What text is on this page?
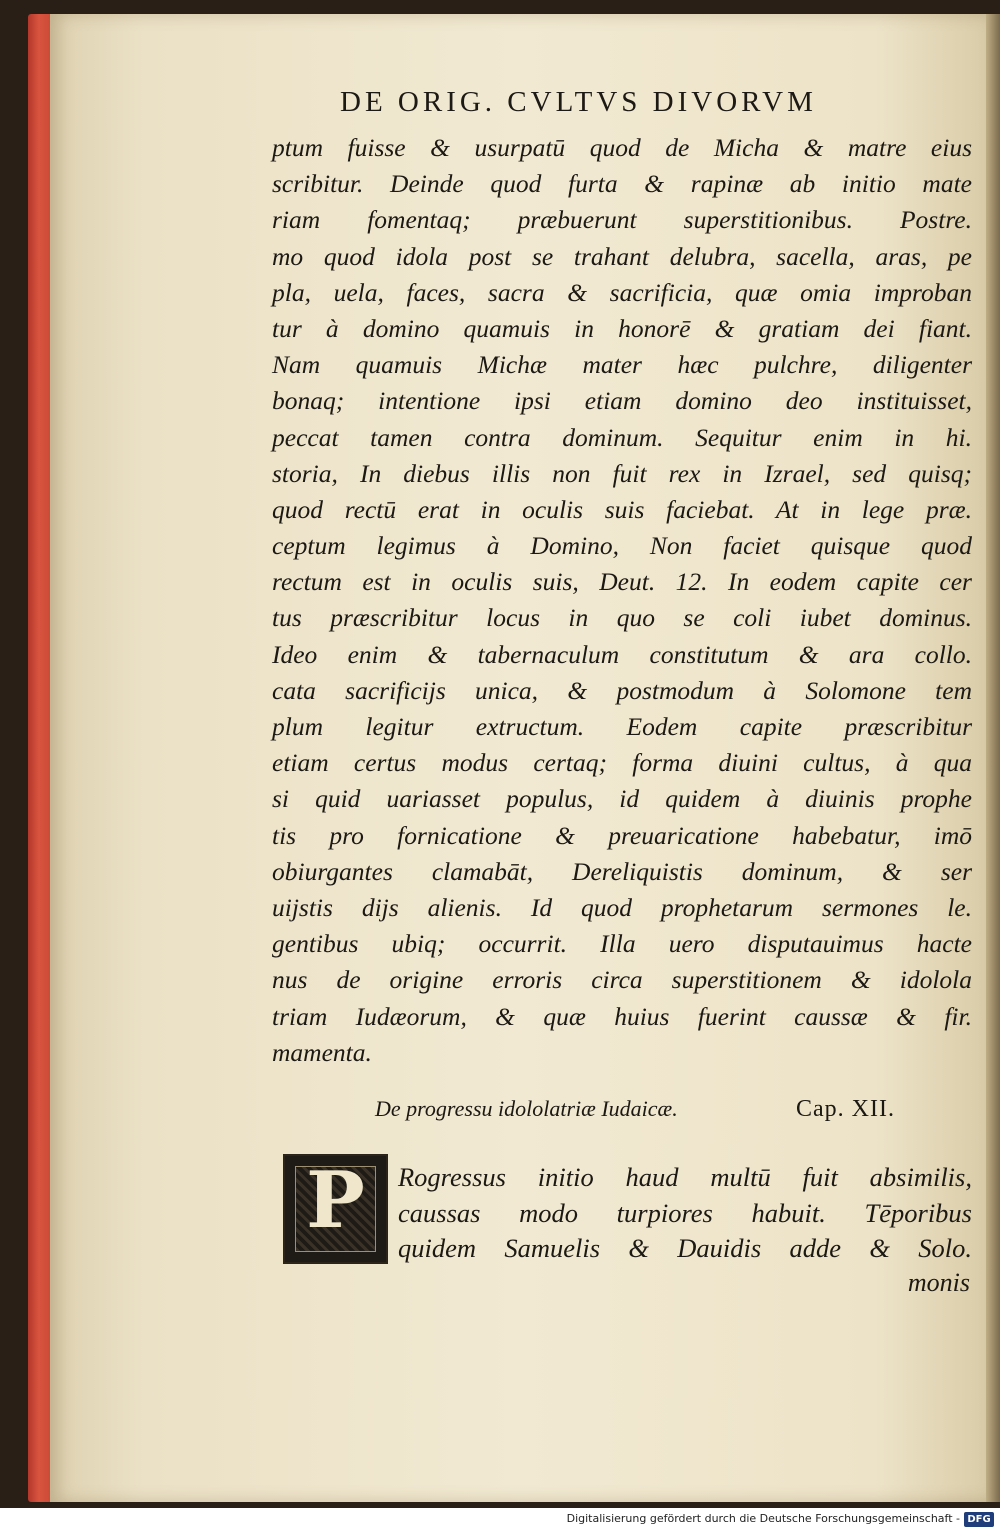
DE ORIG. CVLTVS DIVORVM
ptum fuisse & usurpatū quod de Micha & matre eius
scribitur. Deinde quod furta & rapinæ ab initio mate
riam fomentaq; præbuerunt superstitionibus. Postre.
mo quod idola post se trahant delubra, sacella, aras, pe
pla, uela, faces, sacra & sacrificia, quæ omia improban
tur à domino quamuis in honorē & gratiam dei fiant.
Nam quamuis Michæ mater hæc pulchre, diligenter
bonaq; intentione ipsi etiam domino deo instituisset,
peccat tamen contra dominum. Sequitur enim in hi.
storia, In diebus illis non fuit rex in Izrael, sed quisq;
quod rectū erat in oculis suis faciebat. At in lege præ.
ceptum legimus à Domino, Non faciet quisque quod
rectum est in oculis suis, Deut. 12. In eodem capite cer
tus præscribitur locus in quo se coli iubet dominus.
Ideo enim & tabernaculum constitutum & ara collo.
cata sacrificijs unica, & postmodum à Solomone tem
plum legitur extructum. Eodem capite præscribitur
etiam certus modus certaq; forma diuini cultus, à qua
si quid uariasset populus, id quidem à diuinis prophe
tis pro fornicatione & preuaricatione habebatur, imō
obiurgantes clamabāt, Dereliquistis dominum, & ser
uijstis dijs alienis. Id quod prophetarum sermones le.
gentibus ubiq; occurrit. Illa uero disputauimus hacte
nus de origine erroris circa superstitionem & idolola
triam Iudæorum, & quæ huius fuerint caussæ & fir.
mamenta.
De progressu idololatriæ Iudaicæ.	Cap. XII.
P	Rogressus initio haud multū fuit absimilis,
caussas modo turpiores habuit. Tēporibus
quidem Samuelis & Dauidis adde & Solo.
monis
Digitalisierung gefördert durch die Deutsche Forschungsgemeinschaft - DFG
